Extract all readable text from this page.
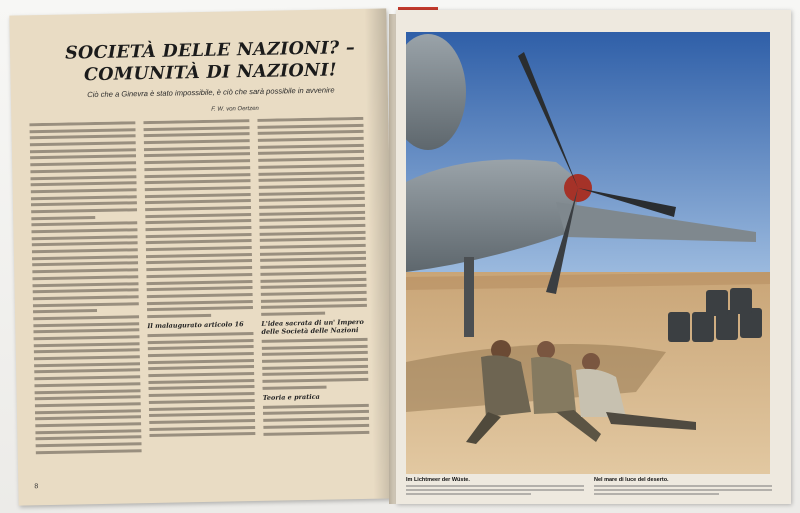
SOCIETÀ DELLE NAZIONI? – COMUNITÀ DI NAZIONI!

Ciò che a Ginevra è stato impossibile, è ciò che sarà possibile in avvenire

F. W. von Oertzen

Il malaugurato articolo 16	L'idea sacrata di un' Impero delle Società delle Nazioni
Teoria e pratica

8

Im Lichtmeer der Wüste.	Nel mare di luce del deserto.
